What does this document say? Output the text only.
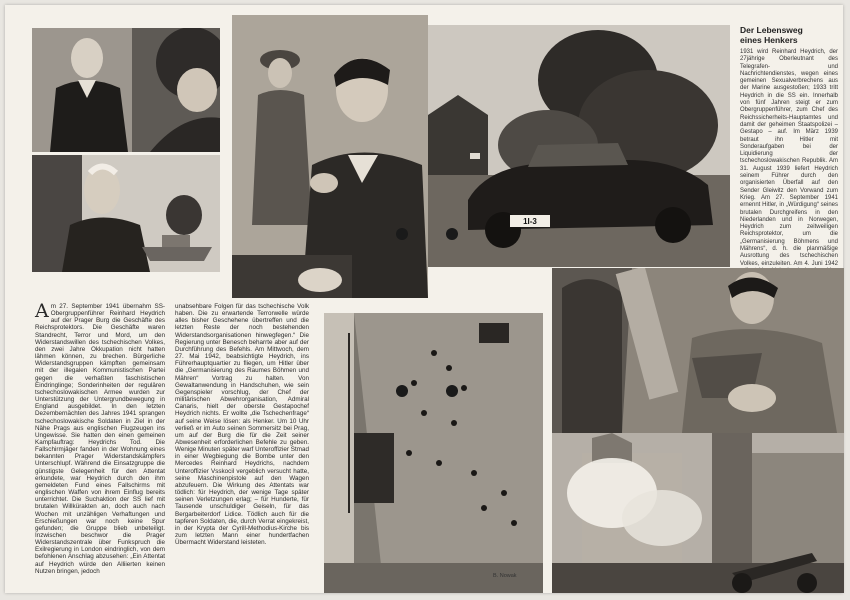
1I-3
Der Lebensweg
eines Henkers
1931 wird Reinhard Heydrich, der 27jährige Oberleutnant des Telegrafen- und Nachrichtendienstes, wegen eines gemeinen Sexualverbrechens aus der Marine ausgestoßen; 1933 tritt Heydrich in die SS ein. Innerhalb von fünf Jahren steigt er zum Obergruppenführer, zum Chef des Reichssicherheits-Hauptamtes und damit der geheimen Staatspolizei – Gestapo – auf. Im März 1939 betraut ihn Hitler mit Sonderaufgaben bei der Liquidierung der tschechoslowakischen Republik. Am 31. August 1939 liefert Heydrich seinem Führer durch den organisierten Überfall auf den Sender Gleiwitz den Vorwand zum Krieg. Am 27. September 1941 ernennt Hitler, in „Würdigung“ seines brutalen Durchgreifens in den Niederlanden und in Norwegen, Heydrich zum zeitweiligen Reichsprotektor, um die „Germanisierung Böhmens und Mährens“, d. h. die planmäßige Ausrottung des tschechischen Volkes, einzuleiten. Am 4. Juni 1942

Am 27. September 1941 übernahm SS-Obergruppenführer Reinhard Heydrich auf der Prager Burg die Geschäfte des Reichsprotektors. Die Geschäfte waren Standrecht, Terror und Mord, um den Widerstandswillen des tschechischen Volkes, den zwei Jahre Okkupation nicht hatten lähmen können, zu brechen. Bürgerliche Widerstandsgruppen kämpften gemeinsam mit der illegalen Kommunistischen Partei gegen die verhaßten faschistischen Eindringlinge; Sonderinheiten der regulären tschechoslowakischen Armee wurden zur Unterstützung der Untergrundbewegung in England ausgebildet. In den letzten Dezembernächten des Jahres 1941 sprangen tschechoslowakische Soldaten in Ziel in der Nähe Prags aus englischen Flugzeugen ins Ungewisse. Sie hatten den einen gemeinen Kampfauftrag: Heydrichs Tod. Die Fallschirmjäger fanden in der Wohnung eines bekannten Prager Widerstandskämpfers Unterschlupf. Während die Einsatzgruppe die günstigste Gelegenheit für den Attentat erkundete, war Heydrich durch den ihm gemeldeten Fund eines Fallschirms mit englischen Waffen von ihrem Einflug bereits unterrichtet. Die Suchaktion der SS lief mit brutalen Willkürakten an, doch auch nach Wochen mit unzähligen Verhaftungen und Erschießungen war noch keine Spur gefunden; die Gruppe blieb unbeteiligt. Inzwischen beschwor die Prager Widerstandszentrale über Funkspruch die Exilregierung in London eindringlich, von dem befohlenen Anschlag abzusehen: „Ein Attentat auf Heydrich würde den Alliierten keinen Nutzen bringen, jedoch

unabsehbare Folgen für das tschechische Volk haben. Die zu erwartende Terrorwelle würde alles bisher Geschehene übertreffen und die letzten Reste der noch bestehenden Widerstandsorganisationen hinwegfegen.“ Die Regierung unter Benesch beharrte aber auf der Durchführung des Befehls. Am Mittwoch, dem 27. Mai 1942, beabsichtigte Heydrich, ins Führerhauptquartier zu fliegen, um Hitler über die „Germanisierung des Raumes Böhmen und Mähren“ Vortrag zu halten. Von Gewaltanwendung in Handschuhen, wie sein Gegenspieler vorschlug, der Chef der militärischen Abwehrorganisation, Admiral Canaris, hielt der oberste Gestapochef Heydrich nichts. Er wollte „die Tschechenfrage“ auf seine Weise lösen: als Henker. Um 10 Uhr verließ er im Auto seinen Sommersitz bei Prag, um auf der Burg die für die Zeit seiner Abwesenheit erforderlichen Befehle zu geben. Wenige Minuten später warf Unteroffizier Stmad in einer Wegbiegung die Bombe unter den Mercedes Reinhard Heydrichs, nachdem Unteroffizier Vsskocil vergeblich versucht hatte, seine Maschinenpistole auf den Wagen abzufeuern. Die Wirkung des Attentats war tödlich: für Heydrich, der wenige Tage später seinen Verletzungen erlag; – für Hunderte, für Tausende unschuldiger Geiseln, für das Bergarbeiterdorf Lidice. Tödlich auch für die tapferen Soldaten, die, durch Verrat eingekreist, in der Krypta der Cyrill-Methodius-Kirche bis zum letzten Mann einer hundertfachen Übermacht Widerstand leisteten.

B. Nowak
